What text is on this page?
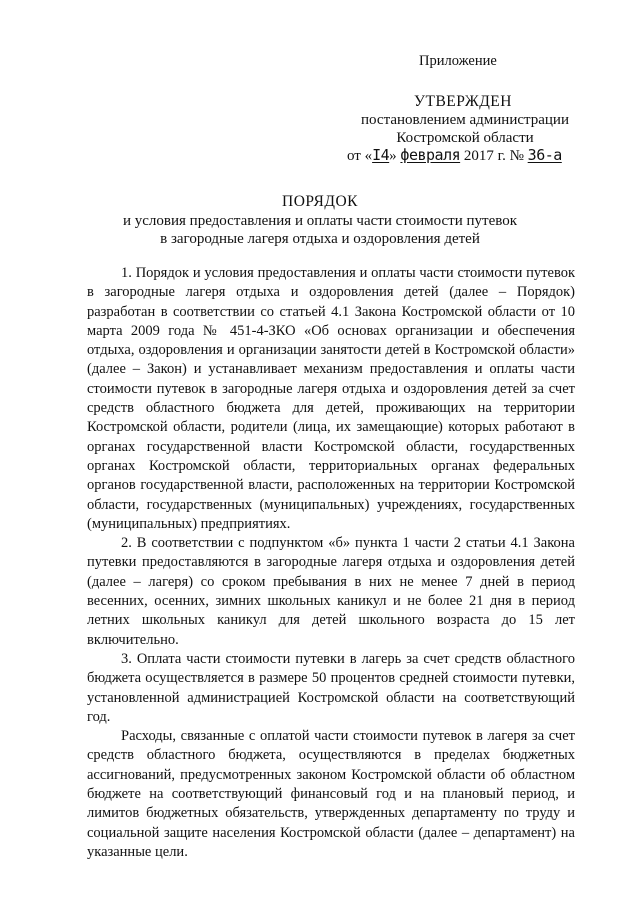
Приложение
УТВЕРЖДЕН
постановлением администрации
Костромской области
от «I4» февраля 2017 г. № 36-а
ПОРЯДОК
и условия предоставления и оплаты части стоимости путевок
в загородные лагеря отдыха и оздоровления детей

1. Порядок и условия предоставления и оплаты части стоимости путевок в загородные лагеря отдыха и оздоровления детей (далее – Порядок) разработан в соответствии со статьей 4.1 Закона Костромской области от 10 марта 2009 года № 451-4-ЗКО «Об основах организации и обеспечения отдыха, оздоровления и организации занятости детей в Костромской области» (далее – Закон) и устанавливает механизм предоставления и оплаты части стоимости путевок в загородные лагеря отдыха и оздоровления детей за счет средств областного бюджета для детей, проживающих на территории Костромской области, родители (лица, их замещающие) которых работают в органах государственной власти Костромской области, государственных органах Костромской области, территориальных органах федеральных органов государственной власти, расположенных на территории Костромской области, государственных (муниципальных) учреждениях, государственных (муниципальных) предприятиях.

2. В соответствии с подпунктом «б» пункта 1 части 2 статьи 4.1 Закона путевки предоставляются в загородные лагеря отдыха и оздоровления детей (далее – лагеря) со сроком пребывания в них не менее 7 дней в период весенних, осенних, зимних школьных каникул и не более 21 дня в период летних школьных каникул для детей школьного возраста до 15 лет включительно.

3. Оплата части стоимости путевки в лагерь за счет средств областного бюджета осуществляется в размере 50 процентов средней стоимости путевки, установленной администрацией Костромской области на соответствующий год.

Расходы, связанные с оплатой части стоимости путевок в лагеря за счет средств областного бюджета, осуществляются в пределах бюджетных ассигнований, предусмотренных законом Костромской области об областном бюджете на соответствующий финансовый год и на плановый период, и лимитов бюджетных обязательств, утвержденных департаменту по труду и социальной защите населения Костромской области (далее – департамент) на указанные цели.
